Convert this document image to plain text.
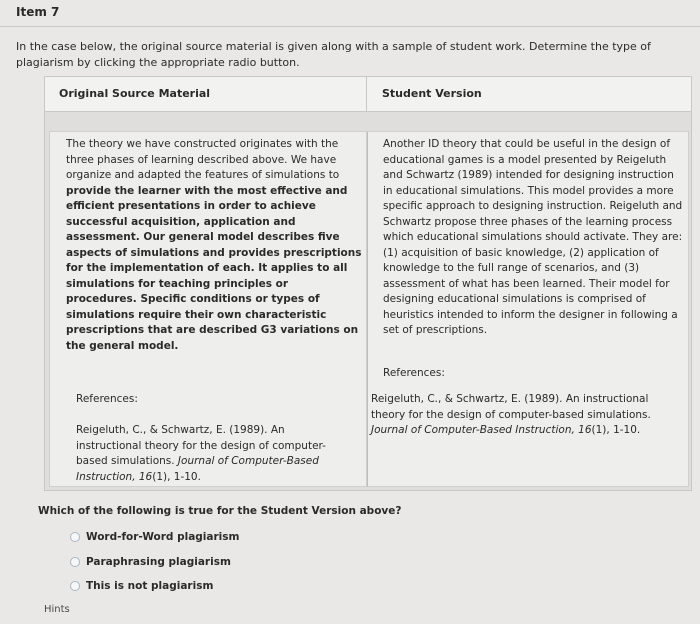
Item 7
In the case below, the original source material is given along with a sample of student work. Determine the type of plagiarism by clicking the appropriate radio button.
Original Source Material	Student Version
The theory we have constructed originates with the three phases of learning described above. We have organize and adapted the features of simulations to provide the learner with the most effective and efficient presentations in order to achieve successful acquisition, application and assessment. Our general model describes five aspects of simulations and provides prescriptions for the implementation of each. It applies to all simulations for teaching principles or procedures. Specific conditions or types of simulations require their own characteristic prescriptions that are described G3 variations on the general model.
References:
Reigeluth, C., & Schwartz, E. (1989). An instructional theory for the design of computer-based simulations. Journal of Computer-Based Instruction, 16(1), 1-10.
Another ID theory that could be useful in the design of educational games is a model presented by Reigeluth and Schwartz (1989) intended for designing instruction in educational simulations. This model provides a more specific approach to designing instruction. Reigeluth and Schwartz propose three phases of the learning process which educational simulations should activate. They are: (1) acquisition of basic knowledge, (2) application of knowledge to the full range of scenarios, and (3) assessment of what has been learned. Their model for designing educational simulations is comprised of heuristics intended to inform the designer in following a set of prescriptions.
References:
Reigeluth, C., & Schwartz, E. (1989). An instructional theory for the design of computer-based simulations. Journal of Computer-Based Instruction, 16(1), 1-10.
Which of the following is true for the Student Version above?
Word-for-Word plagiarism
Paraphrasing plagiarism
This is not plagiarism
Hints
